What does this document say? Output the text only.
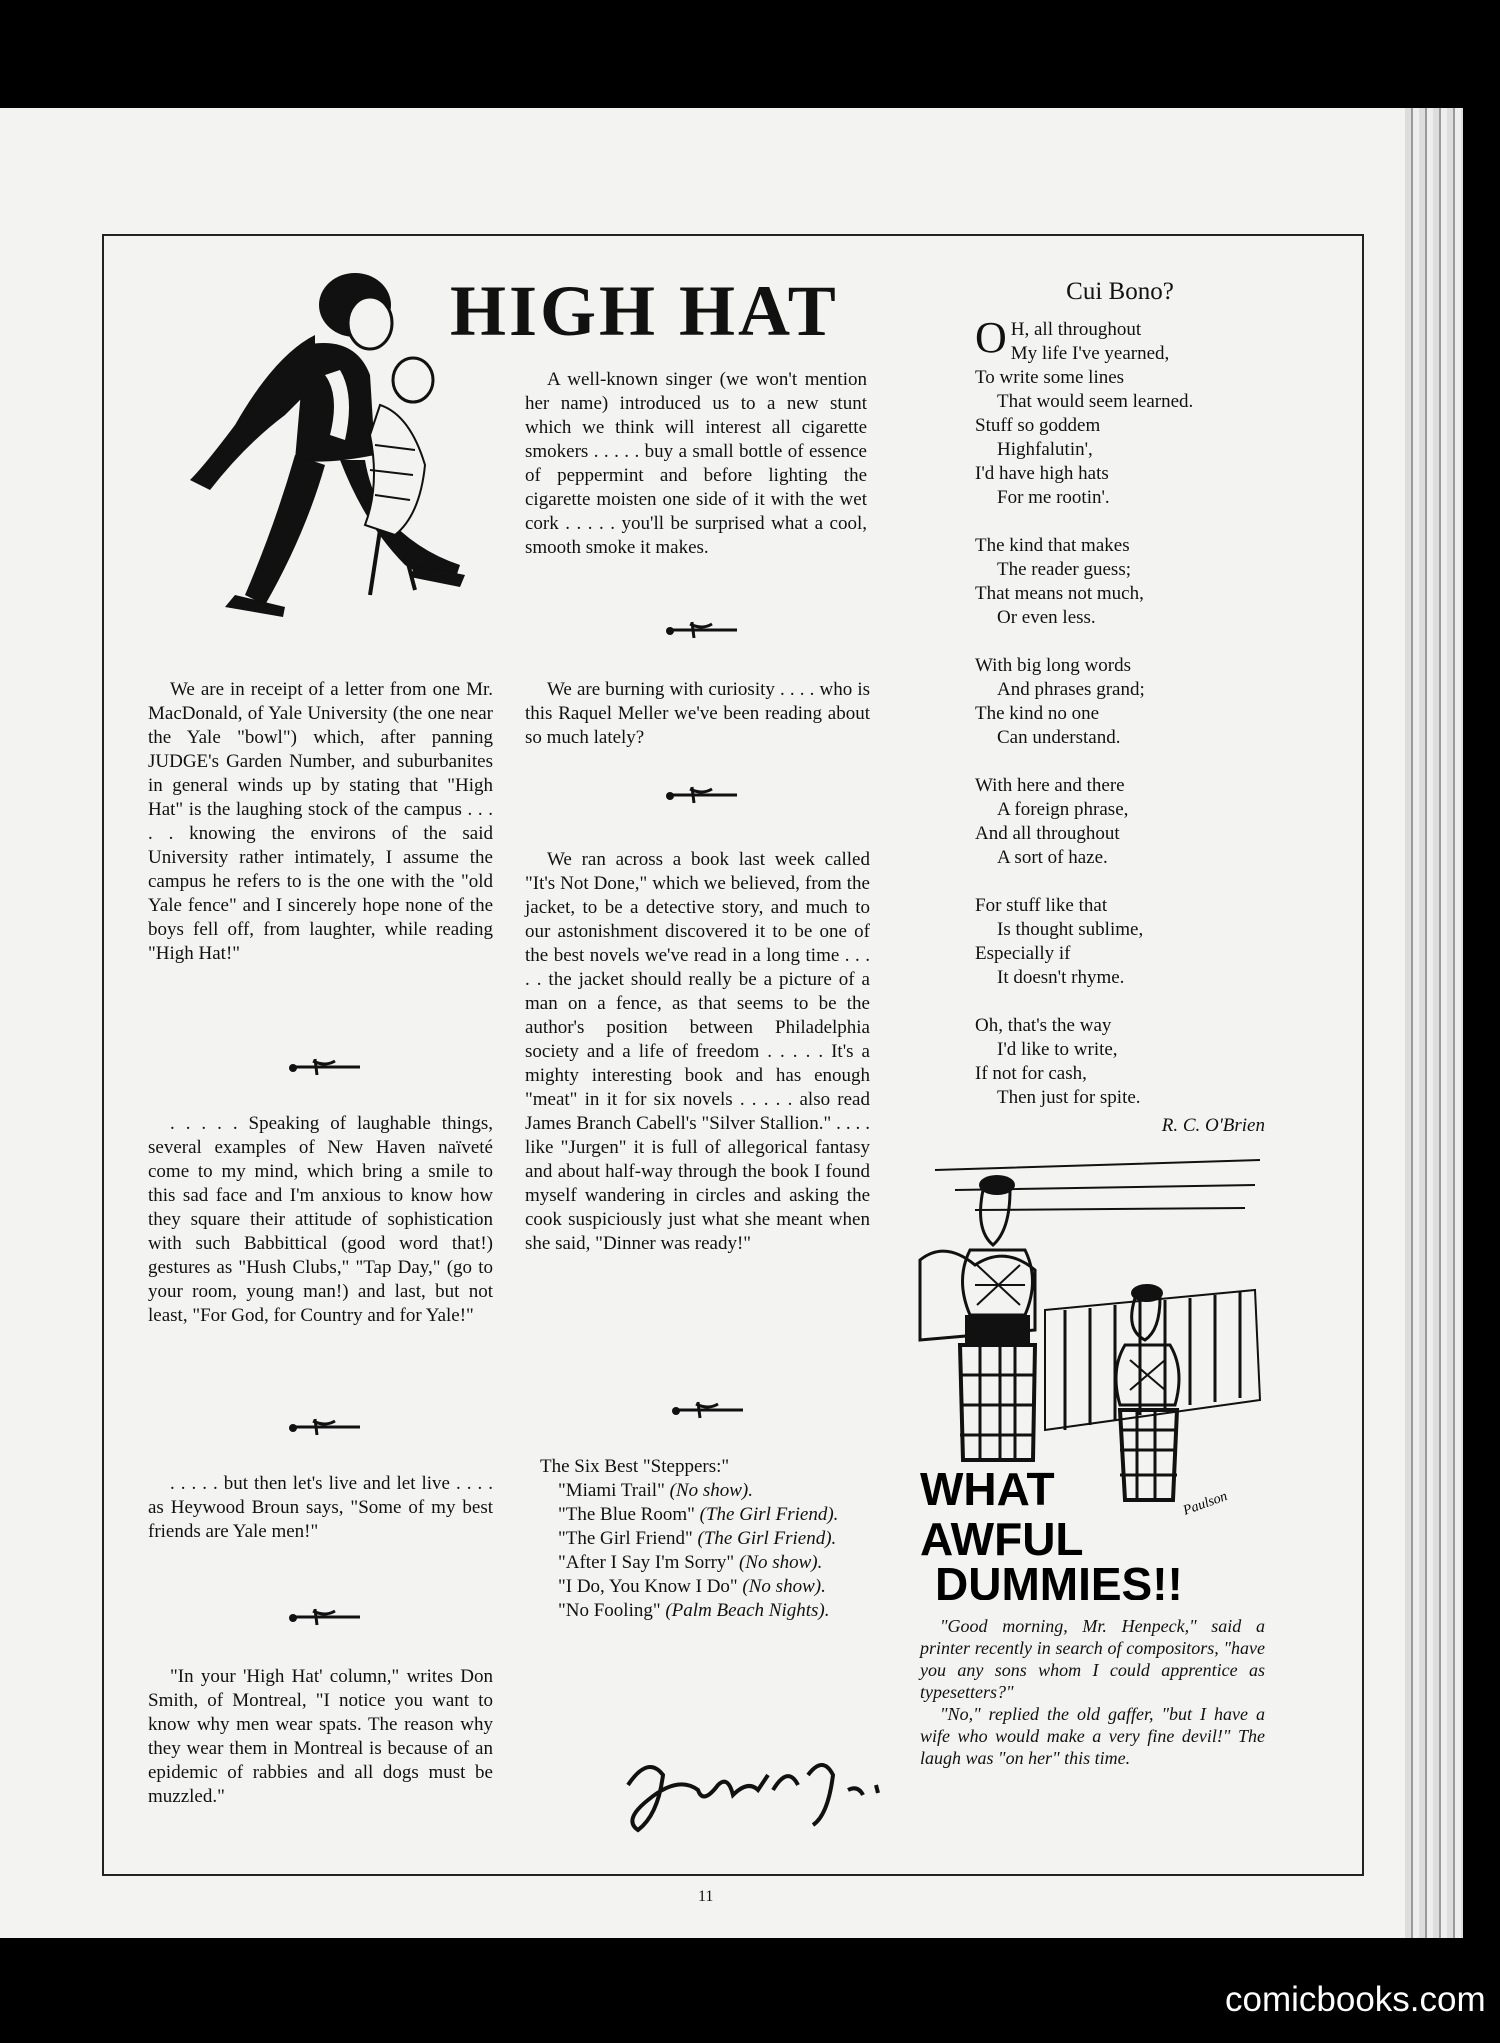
HIGH HAT

A well-known singer (we won't mention her name) introduced us to a new stunt which we think will interest all cigarette smokers . . . . . buy a small bottle of essence of peppermint and before lighting the cigarette moisten one side of it with the wet cork . . . . . you'll be surprised what a cool, smooth smoke it makes.

We are in receipt of a letter from one Mr. MacDonald, of Yale University (the one near the Yale "bowl") which, after panning JUDGE's Garden Number, and suburbanites in general winds up by stating that "High Hat" is the laughing stock of the campus . . . . . knowing the environs of the said University rather intimately, I assume the campus he refers to is the one with the "old Yale fence" and I sincerely hope none of the boys fell off, from laughter, while reading "High Hat!"

. . . . . Speaking of laughable things, several examples of New Haven naïveté come to my mind, which bring a smile to this sad face and I'm anxious to know how they square their attitude of sophistication with such Babbittical (good word that!) gestures as "Hush Clubs," "Tap Day," (go to your room, young man!) and last, but not least, "For God, for Country and for Yale!"

. . . . . but then let's live and let live . . . . as Heywood Broun says, "Some of my best friends are Yale men!"

"In your 'High Hat' column," writes Don Smith, of Montreal, "I notice you want to know why men wear spats. The reason why they wear them in Montreal is because of an epidemic of rabbies and all dogs must be muzzled."

We are burning with curiosity . . . . who is this Raquel Meller we've been reading about so much lately?

We ran across a book last week called "It's Not Done," which we believed, from the jacket, to be a detective story, and much to our astonishment discovered it to be one of the best novels we've read in a long time . . . . . the jacket should really be a picture of a man on a fence, as that seems to be the author's position between Philadelphia society and a life of freedom . . . . . It's a mighty interesting book and has enough "meat" in it for six novels . . . . . also read James Branch Cabell's "Silver Stallion." . . . . like "Jurgen" it is full of allegorical fantasy and about half-way through the book I found myself wandering in circles and asking the cook suspiciously just what she meant when she said, "Dinner was ready!"

The Six Best "Steppers:"

"Miami Trail" (No show).

"The Blue Room" (The Girl Friend).

"The Girl Friend" (The Girl Friend).

"After I Say I'm Sorry" (No show).

"I Do, You Know I Do" (No show).

"No Fooling" (Palm Beach Nights).

Judge Jr.
Cui Bono?
O H, all throughout
My life I've yearned,
To write some lines
That would seem learned.
Stuff so goddem
Highfalutin',
I'd have high hats
For me rootin'.
The kind that makes
The reader guess;
That means not much,
Or even less.
With big long words
And phrases grand;
The kind no one
Can understand.
With here and there
A foreign phrase,
And all throughout
A sort of haze.
For stuff like that
Is thought sublime,
Especially if
It doesn't rhyme.
Oh, that's the way
I'd like to write,
If not for cash,
Then just for spite.
R. C. O'Brien
WHAT
AWFUL
DUMMIES!!
Paulson

"Good morning, Mr. Henpeck," said a printer recently in search of compositors, "have you any sons whom I could apprentice as typesetters?"

"No," replied the old gaffer, "but I have a wife who would make a very fine devil!" The laugh was "on her" this time.

11
comicbooks.com
